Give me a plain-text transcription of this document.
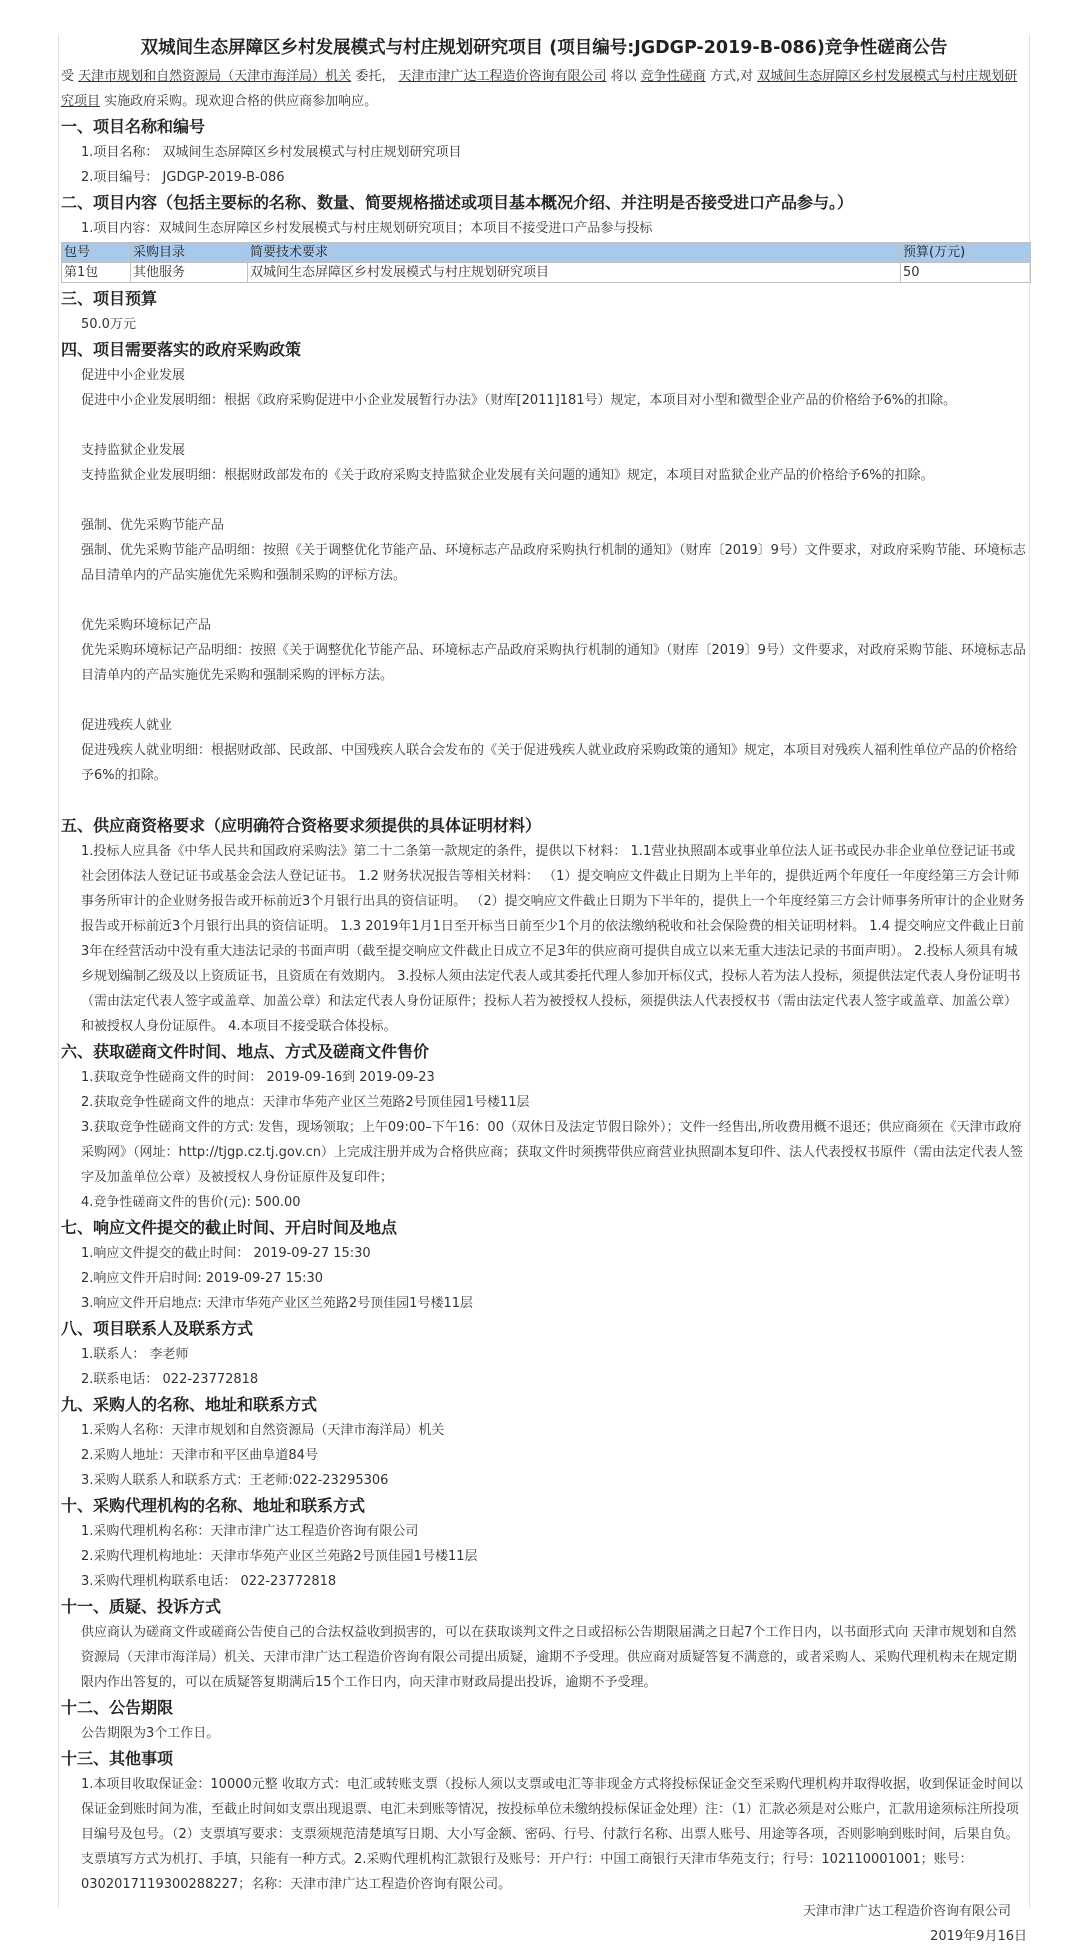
双城间生态屏障区乡村发展模式与村庄规划研究项目 (项目编号:JGDGP-2019-B-086)竞争性磋商公告

受 天津市规划和自然资源局（天津市海洋局）机关 委托， 天津市津广达工程造价咨询有限公司 将以 竞争性磋商 方式,对 双城间生态屏障区乡村发展模式与村庄规划研究项目 实施政府采购。现欢迎合格的供应商参加响应。

一、项目名称和编号

1.项目名称： 双城间生态屏障区乡村发展模式与村庄规划研究项目

2.项目编号： JGDGP-2019-B-086

二、项目内容（包括主要标的名称、数量、简要规格描述或项目基本概况介绍、并注明是否接受进口产品参与。）

1.项目内容：双城间生态屏障区乡村发展模式与村庄规划研究项目；本项目不接受进口产品参与投标

包号	采购目录	简要技术要求	预算(万元)
第1包	其他服务	双城间生态屏障区乡村发展模式与村庄规划研究项目	50
三、项目预算

50.0万元

四、项目需要落实的政府采购政策

促进中小企业发展

促进中小企业发展明细：根据《政府采购促进中小企业发展暂行办法》（财库[2011]181号）规定，本项目对小型和微型企业产品的价格给予6%的扣除。

支持监狱企业发展

支持监狱企业发展明细：根据财政部发布的《关于政府采购支持监狱企业发展有关问题的通知》规定，本项目对监狱企业产品的价格给予6%的扣除。

强制、优先采购节能产品

强制、优先采购节能产品明细：按照《关于调整优化节能产品、环境标志产品政府采购执行机制的通知》（财库〔2019〕9号）文件要求，对政府采购节能、环境标志品目清单内的产品实施优先采购和强制采购的评标方法。

优先采购环境标记产品

优先采购环境标记产品明细：按照《关于调整优化节能产品、环境标志产品政府采购执行机制的通知》（财库〔2019〕9号）文件要求，对政府采购节能、环境标志品目清单内的产品实施优先采购和强制采购的评标方法。

促进残疾人就业

促进残疾人就业明细：根据财政部、民政部、中国残疾人联合会发布的《关于促进残疾人就业政府采购政策的通知》规定，本项目对残疾人福利性单位产品的价格给予6%的扣除。

五、供应商资格要求（应明确符合资格要求须提供的具体证明材料）

1.投标人应具备《中华人民共和国政府采购法》第二十二条第一款规定的条件，提供以下材料： 1.1营业执照副本或事业单位法人证书或民办非企业单位登记证书或社会团体法人登记证书或基金会法人登记证书。 1.2 财务状况报告等相关材料： （1）提交响应文件截止日期为上半年的，提供近两个年度任一年度经第三方会计师事务所审计的企业财务报告或开标前近3个月银行出具的资信证明。 （2）提交响应文件截止日期为下半年的，提供上一个年度经第三方会计师事务所审计的企业财务报告或开标前近3个月银行出具的资信证明。 1.3 2019年1月1日至开标当日前至少1个月的依法缴纳税收和社会保险费的相关证明材料。 1.4 提交响应文件截止日前3年在经营活动中没有重大违法记录的书面声明（截至提交响应文件截止日成立不足3年的供应商可提供自成立以来无重大违法记录的书面声明）。 2.投标人须具有城乡规划编制乙级及以上资质证书，且资质在有效期内。 3.投标人须由法定代表人或其委托代理人参加开标仪式，投标人若为法人投标，须提供法定代表人身份证明书（需由法定代表人签字或盖章、加盖公章）和法定代表人身份证原件；投标人若为被授权人投标，须提供法人代表授权书（需由法定代表人签字或盖章、加盖公章）和被授权人身份证原件。 4.本项目不接受联合体投标。

六、获取磋商文件时间、地点、方式及磋商文件售价

1.获取竞争性磋商文件的时间： 2019-09-16到 2019-09-23

2.获取竞争性磋商文件的地点：天津市华苑产业区兰苑路2号顶佳园1号楼11层

3.获取竞争性磋商文件的方式: 发售，现场领取；上午09:00–下午16：00（双休日及法定节假日除外）；文件一经售出,所收费用概不退还；供应商须在《天津市政府采购网》（网址：http://tjgp.cz.tj.gov.cn）上完成注册并成为合格供应商；获取文件时须携带供应商营业执照副本复印件、法人代表授权书原件（需由法定代表人签字及加盖单位公章）及被授权人身份证原件及复印件；

4.竞争性磋商文件的售价(元): 500.00

七、响应文件提交的截止时间、开启时间及地点

1.响应文件提交的截止时间： 2019-09-27 15:30

2.响应文件开启时间: 2019-09-27 15:30

3.响应文件开启地点: 天津市华苑产业区兰苑路2号顶佳园1号楼11层

八、项目联系人及联系方式

1.联系人： 李老师

2.联系电话： 022-23772818

九、采购人的名称、地址和联系方式

1.采购人名称：天津市规划和自然资源局（天津市海洋局）机关

2.采购人地址：天津市和平区曲阜道84号

3.采购人联系人和联系方式：王老师:022-23295306

十、采购代理机构的名称、地址和联系方式

1.采购代理机构名称：天津市津广达工程造价咨询有限公司

2.采购代理机构地址：天津市华苑产业区兰苑路2号顶佳园1号楼11层

3.采购代理机构联系电话： 022-23772818

十一、质疑、投诉方式

供应商认为磋商文件或磋商公告使自己的合法权益收到损害的，可以在获取谈判文件之日或招标公告期限届满之日起7个工作日内，以书面形式向 天津市规划和自然资源局（天津市海洋局）机关、天津市津广达工程造价咨询有限公司提出质疑，逾期不予受理。供应商对质疑答复不满意的，或者采购人、采购代理机构未在规定期限内作出答复的，可以在质疑答复期满后15个工作日内，向天津市财政局提出投诉，逾期不予受理。

十二、公告期限

公告期限为3个工作日。

十三、其他事项

1.本项目收取保证金：10000元整 收取方式：电汇或转账支票（投标人须以支票或电汇等非现金方式将投标保证金交至采购代理机构并取得收据，收到保证金时间以保证金到账时间为准，至截止时间如支票出现退票、电汇未到账等情况，按投标单位未缴纳投标保证金处理）注：（1）汇款必须是对公账户，汇款用途须标注所投项目编号及包号。（2）支票填写要求：支票须规范清楚填写日期、大小写金额、密码、行号、付款行名称、出票人账号、用途等各项，否则影响到账时间，后果自负。支票填写方式为机打、手填，只能有一种方式。2.采购代理机构汇款银行及账号：开户行：中国工商银行天津市华苑支行；行号：102110001001；账号：0302017119300288227；名称：天津市津广达工程造价咨询有限公司。

天津市津广达工程造价咨询有限公司

2019年9月16日
